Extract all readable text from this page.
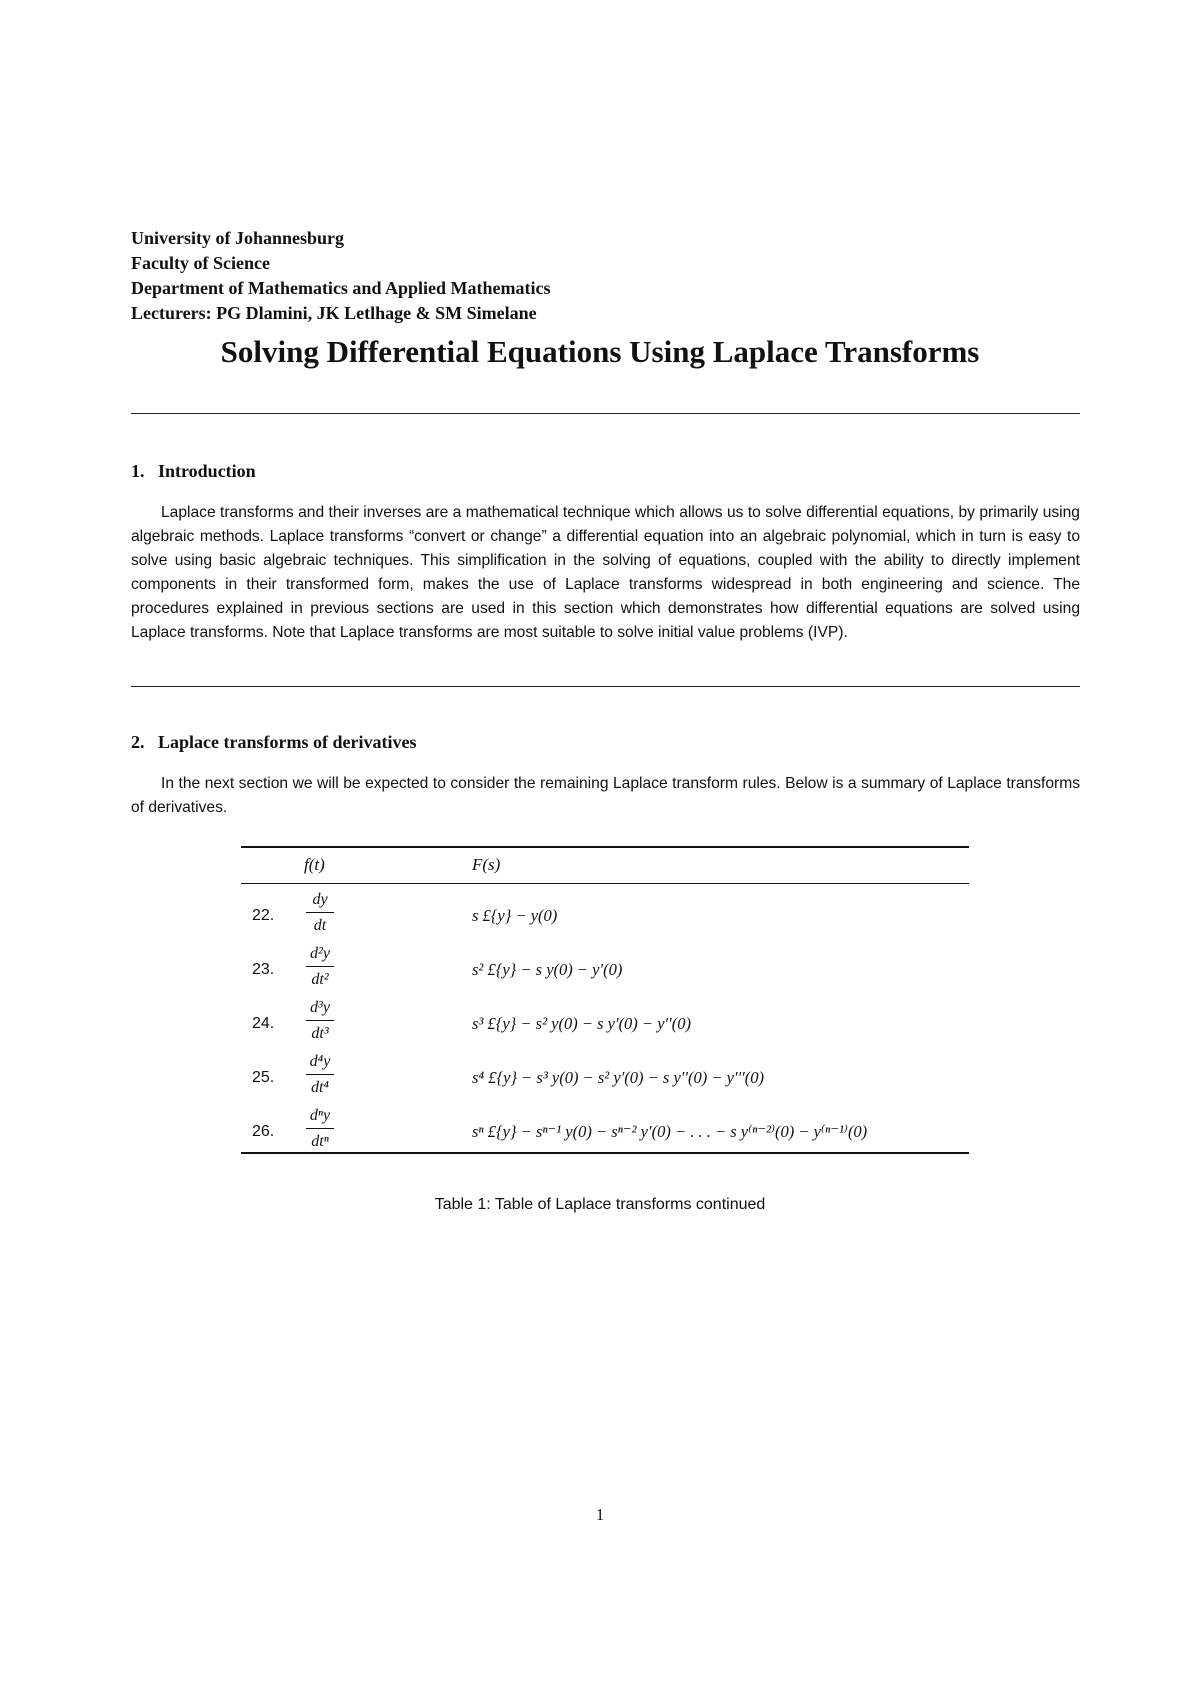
University of Johannesburg
Faculty of Science
Department of Mathematics and Applied Mathematics
Lecturers: PG Dlamini, JK Letlhage & SM Simelane
Solving Differential Equations Using Laplace Transforms
1. Introduction

Laplace transforms and their inverses are a mathematical technique which allows us to solve differential equations, by primarily using algebraic methods. Laplace transforms “convert or change” a differential equation into an algebraic polynomial, which in turn is easy to solve using basic algebraic techniques. This simplification in the solving of equations, coupled with the ability to directly implement components in their transformed form, makes the use of Laplace transforms widespread in both engineering and science. The procedures explained in previous sections are used in this section which demonstrates how differential equations are solved using Laplace transforms. Note that Laplace transforms are most suitable to solve initial value problems (IVP).

2. Laplace transforms of derivatives

In the next section we will be expected to consider the remaining Laplace transform rules. Below is a summary of Laplace transforms of derivatives.

f(t)	F(s)
22.
dy
dt
s £{y} − y(0)
23.
d²y
dt²
s² £{y} − s y(0) − y′(0)
24.
d³y
dt³
s³ £{y} − s² y(0) − s y′(0) − y′′(0)
25.
d⁴y
dt⁴
s⁴ £{y} − s³ y(0) − s² y′(0) − s y′′(0) − y′′′(0)
26.
dⁿy
dtⁿ
sⁿ £{y} − sⁿ⁻¹ y(0) − sⁿ⁻² y′(0) − . . . − s y⁽ⁿ⁻²⁾(0) − y⁽ⁿ⁻¹⁾(0)
Table 1: Table of Laplace transforms continued
1
